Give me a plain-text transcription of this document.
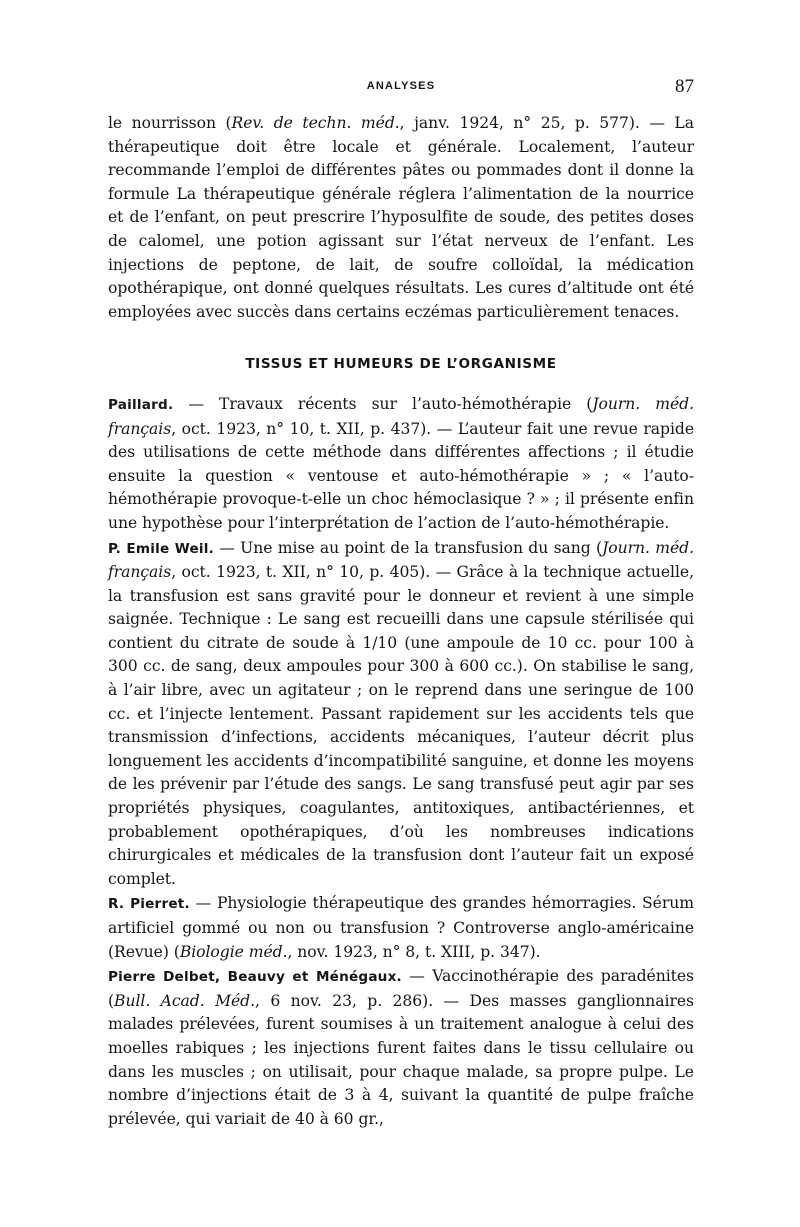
ANALYSES	87

le nourrisson (Rev. de techn. méd., janv. 1924, n° 25, p. 577). — La thérapeutique doit être locale et générale. Localement, l’auteur recommande l’emploi de différentes pâtes ou pommades dont il donne la formule La thérapeutique générale réglera l’alimentation de la nourrice et de l’enfant, on peut prescrire l’hyposulfite de soude, des petites doses de calomel, une potion agissant sur l’état nerveux de l’enfant. Les injections de peptone, de lait, de soufre colloïdal, la médication opothérapique, ont donné quelques résultats. Les cures d’altitude ont été employées avec succès dans certains eczémas particulièrement tenaces.

TISSUS ET HUMEURS DE L’ORGANISME

Paillard. — Travaux récents sur l’auto-hémothérapie (Journ. méd. français, oct. 1923, n° 10, t. XII, p. 437). — L’auteur fait une revue rapide des utilisations de cette méthode dans différentes affections ; il étudie ensuite la question « ventouse et auto-hémothérapie » ; « l’auto-hémothérapie provoque-t-elle un choc hémoclasique ? » ; il présente enfin une hypothèse pour l’interprétation de l’action de l’auto-hémothérapie.

P. Emile Weil. — Une mise au point de la transfusion du sang (Journ. méd. français, oct. 1923, t. XII, n° 10, p. 405). — Grâce à la technique actuelle, la transfusion est sans gravité pour le donneur et revient à une simple saignée. Technique : Le sang est recueilli dans une capsule stérilisée qui contient du citrate de soude à 1/10 (une ampoule de 10 cc. pour 100 à 300 cc. de sang, deux ampoules pour 300 à 600 cc.). On stabilise le sang, à l’air libre, avec un agitateur ; on le reprend dans une seringue de 100 cc. et l’injecte lentement. Passant rapidement sur les accidents tels que transmission d’infections, accidents mécaniques, l’auteur décrit plus longuement les accidents d’incompatibilité sanguine, et donne les moyens de les prévenir par l’étude des sangs. Le sang transfusé peut agir par ses propriétés physiques, coagulantes, antitoxiques, antibactériennes, et probablement opothérapiques, d’où les nombreuses indications chirurgicales et médicales de la transfusion dont l’auteur fait un exposé complet.

R. Pierret. — Physiologie thérapeutique des grandes hémorragies. Sérum artificiel gommé ou non ou transfusion ? Controverse anglo-américaine (Revue) (Biologie méd., nov. 1923, n° 8, t. XIII, p. 347).

Pierre Delbet, Beauvy et Ménégaux. — Vaccinothérapie des paradénites (Bull. Acad. Méd., 6 nov. 23, p. 286). — Des masses ganglionnaires malades prélevées, furent soumises à un traitement analogue à celui des moelles rabiques ; les injections furent faites dans le tissu cellulaire ou dans les muscles ; on utilisait, pour chaque malade, sa propre pulpe. Le nombre d’injections était de 3 à 4, suivant la quantité de pulpe fraîche prélevée, qui variait de 40 à 60 gr.,
